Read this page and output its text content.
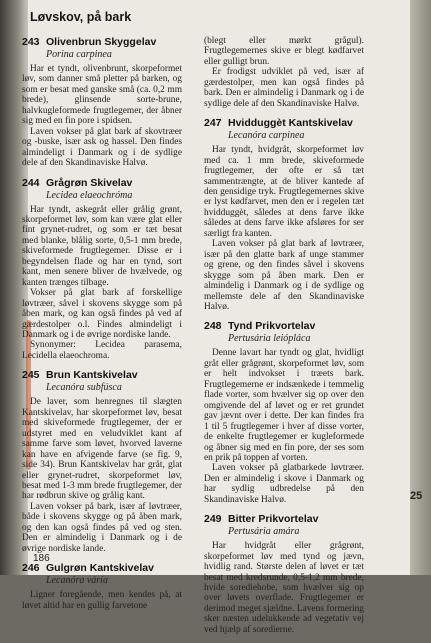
25
Løvskov, på bark
243 Olivenbrun Skyggelav
Porina carpinea

Har et tyndt, olivenbrunt, skorpeformet løv, som danner små pletter på barken, og som er besat med ganske små (ca. 0,2 mm brede), glinsende sorte-brune, halvkugleformede frugtlegemer, der åbner sig med en fin pore i spidsen.

Laven vokser på glat bark af skovtræer og -buske, især ask og hassel. Den findes almindeligt i Danmark og i de sydlige dele af den Skandinaviske Halvø.

244 Grågrøn Skivelav
Lecidea elaeochróma

Har tyndt, askegråt eller grålig grønt, skorpeformet løv, som kan være glat eller fint grynet-rudret, og som er tæt besat med blanke, blålig sorte, 0,5-1 mm brede, skiveformede frugtlegemer. Disse er i begyndelsen flade og har en tynd, sort kant, men senere bliver de hvælvede, og kanten trænges tilbage.

Vokser på glat bark af forskellige løvtræer, såvel i skovens skygge som på åben mark, og kan også findes på ved af gærdestolper o.l. Findes almindeligt i Danmark og i de øvrige nordiske lande.

Synonymer: Lecidea parasema, Lecidella elaeochroma.

245 Brun Kantskivelav
Lecanóra subfúsca

De laver, som henregnes til slægten Kantskivelav, har skorpeformet løv, besat med skiveformede frugtlegemer, der er udstyret med en veludviklet kant af samme farve som løvet, hvorved laverne kan have en afvigende farve (se fig. 9, side 34). Brun Kantskivelav har gråt, glat eller grynet-rudret, skorpeformet løv, besat med 1-3 mm brede frugtlegemer, der har rødbrun skive og grålig kant.

Laven vokser på bark, især af løvtræer, både i skovens skygge og på åben mark, og den kan også findes på ved og sten. Den er almindelig i Danmark og i de øvrige nordiske lande.

246 Gulgrøn Kantskivelav
Lecanóra váría

Ligner foregående, men kendes på, at løvet altid har en gullig farvetone

(blegt eller mørkt grågul). Frugtlegemernes skive er blegt kødfarvet eller gulligt brun.

Er frodigst udviklet på ved, især af gærdestolper, men kan også findes på bark. Den er almindelig i Danmark og i de sydlige dele af den Skandinaviske Halvø.

247 Hvidduggèt Kantskivelav
Lecanóra carpinea

Har tyndt, hvidgråt, skorpeformet løv med ca. 1 mm brede, skiveformede frugtlegemer, der ofte er så tæt sammentrængte, at de bliver kantede af den gensidige tryk. Frugtlegemernes skive er lyst kødfarvet, men den er i regelen tæt hvidduggèt, således at dens farve ikke således at dens farve ikke afsløres for ser særligt fra kanten.

Laven vokser på glat bark af løvtræer, især på den glatte bark af unge stammer og grene, og den findes såvel i skovens skygge som på åben mark. Den er almindelig i Danmark og i de sydlige og mellemste dele af den Skandinaviske Halvø.

248 Tynd Prikvortelav
Pertusária leiópláca

Denne lavart har tyndt og glat, hvidligt gråt eller grågrønt, skorpeformet løv, som er helt indvokset i træets bark. Frugtlegemerne er indsænkede i temmelig flade vorter, som hvælver sig op over den omgivende del af løvet og er ret grundet gav jævnt over i dette. Der kan findes fra 1 til 5 frugtlegemer i hver af disse vorter, de enkelte frugtlegemer er kugleformede og åbner sig med en fin pore, der ses som en prik på toppen af vorten.

Laven vokser på glatbarkede løvtræer. Den er almindelig i skove i Danmark og har sydlig udbredelse på den Skandinaviske Halvø.

249 Bitter Prikvortelav
Pertusária amára

Har hvidgråt eller grågrønt, skorpeformet løv med tynd og jævn, hvidlig rand. Største delen af løvet er tæt besat med kredsrunde, 0,5-1,2 mm brede, hvide sorediehobe, som hvælver sig op over løvets overflade. Frugtlegemer er derimod meget sjældne. Lavens formering sker næsten udelukkende ad vegetativ vej ved hjælp af soredierne.

186
